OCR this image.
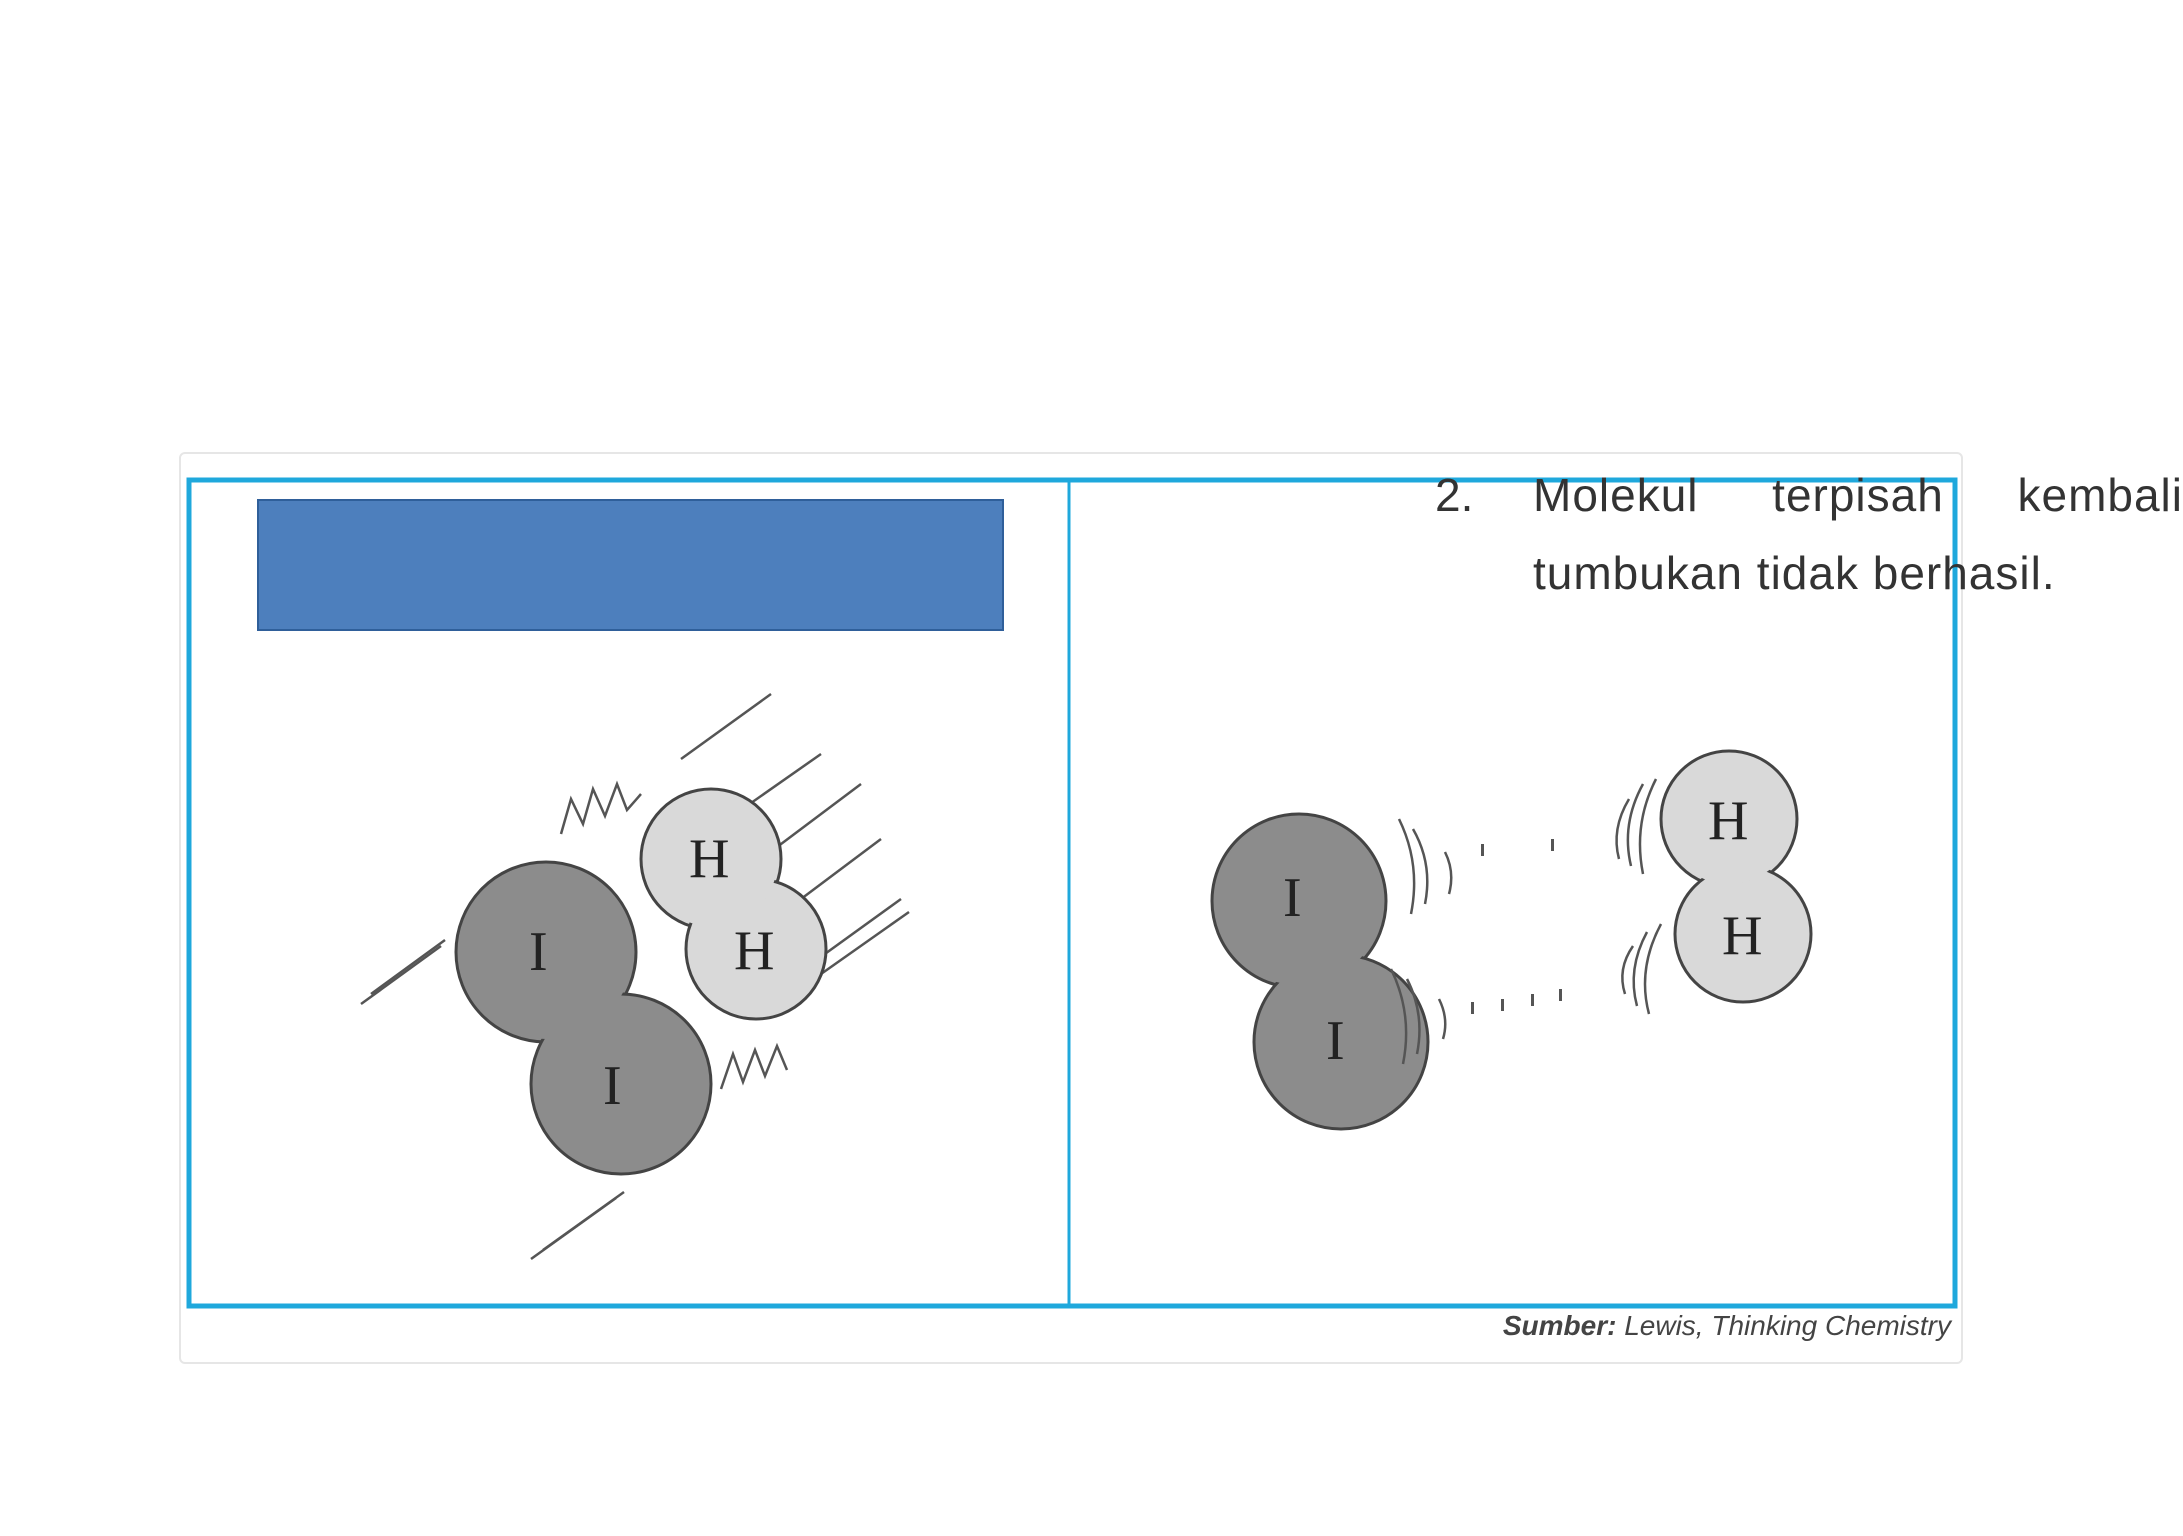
I
I
H
H
I
I
H
H
2. Molekul terpisah kembali tumbukan tidak berhasil.
Sumber: Lewis, Thinking Chemistry
